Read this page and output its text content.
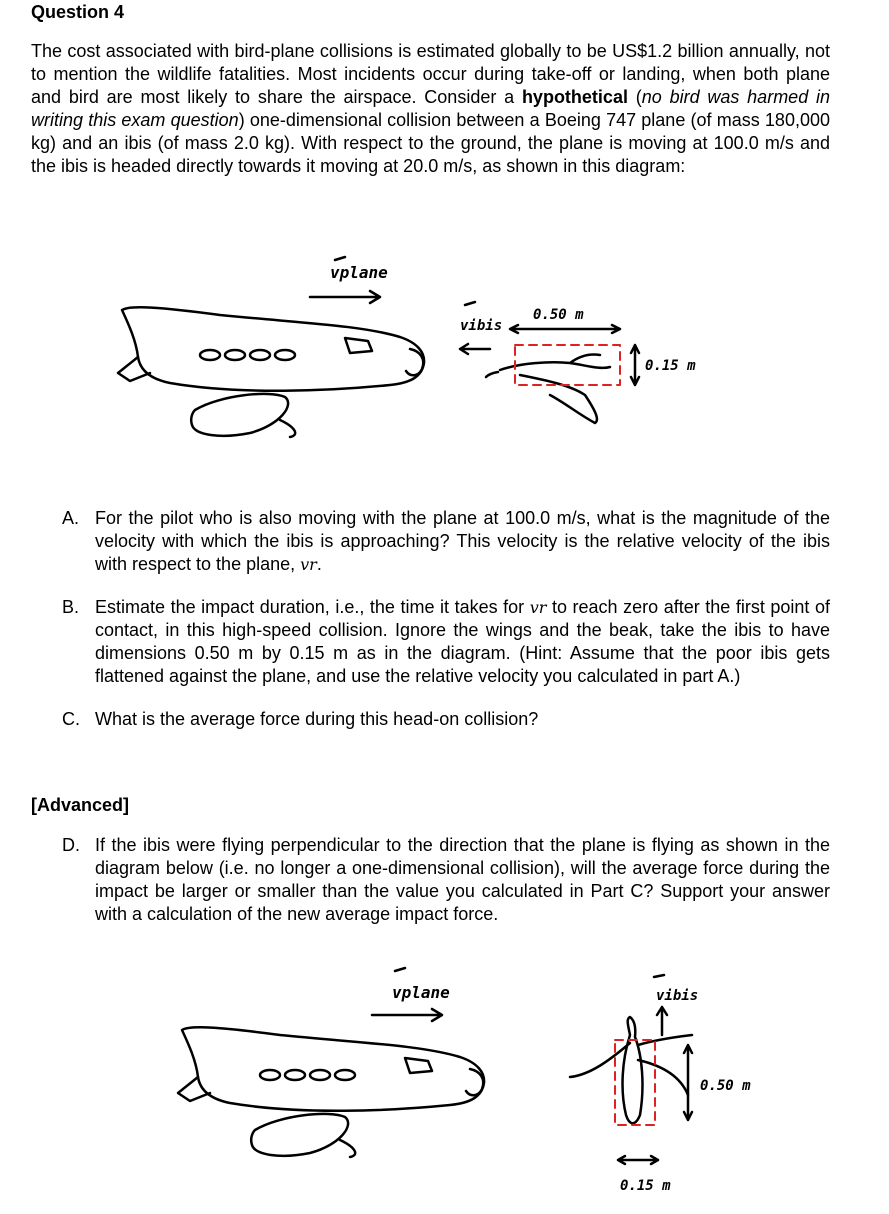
Question 4
The cost associated with bird-plane collisions is estimated globally to be US$1.2 billion annually, not to mention the wildlife fatalities. Most incidents occur during take-off or landing, when both plane and bird are most likely to share the airspace. Consider a hypothetical (no bird was harmed in writing this exam question) one-dimensional collision between a Boeing 747 plane (of mass 180,000 kg) and an ibis (of mass 2.0 kg). With respect to the ground, the plane is moving at 100.0 m/s and the ibis is headed directly towards it moving at 20.0 m/s, as shown in this diagram:
vplane
vibis
0.50 m
0.15 m
A. For the pilot who is also moving with the plane at 100.0 m/s, what is the magnitude of the velocity with which the ibis is approaching? This velocity is the relative velocity of the ibis with respect to the plane, vr.
B. Estimate the impact duration, i.e., the time it takes for vr to reach zero after the first point of contact, in this high-speed collision. Ignore the wings and the beak, take the ibis to have dimensions 0.50 m by 0.15 m as in the diagram. (Hint: Assume that the poor ibis gets flattened against the plane, and use the relative velocity you calculated in part A.)
C. What is the average force during this head-on collision?
[Advanced]
D. If the ibis were flying perpendicular to the direction that the plane is flying as shown in the diagram below (i.e. no longer a one-dimensional collision), will the average force during the impact be larger or smaller than the value you calculated in Part C? Support your answer with a calculation of the new average impact force.
vplane	vibis
0.50 m
0.15 m
